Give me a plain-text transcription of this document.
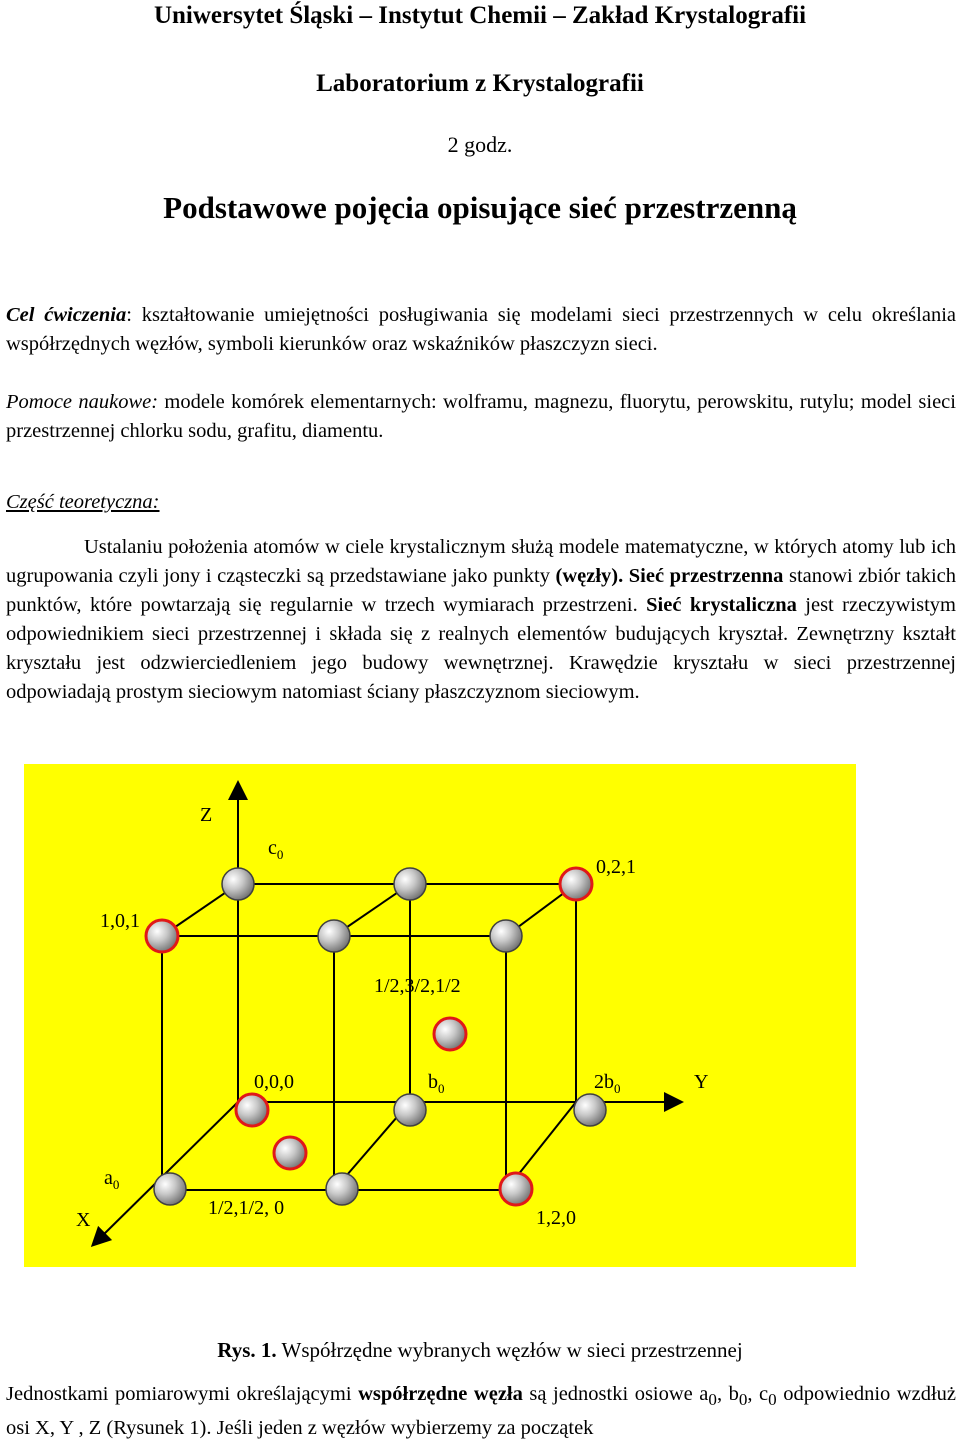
Uniwersytet Śląski – Instytut Chemii – Zakład Krystalografii
Laboratorium z Krystalografii
2 godz.
Podstawowe pojęcia opisujące sieć przestrzenną

Cel ćwiczenia: kształtowanie umiejętności posługiwania się modelami sieci przestrzennych w celu określania współrzędnych węzłów, symboli kierunków oraz wskaźników płaszczyzn sieci.

Pomoce naukowe: modele komórek elementarnych: wolframu, magnezu, fluorytu, perowskitu, rutylu; model sieci przestrzennej chlorku sodu, grafitu, diamentu.

Część teoretyczna:

Ustalaniu położenia atomów w ciele krystalicznym służą modele matematyczne, w których atomy lub ich ugrupowania czyli jony i cząsteczki są przedstawiane jako punkty (węzły). Sieć przestrzenna stanowi zbiór takich punktów, które powtarzają się regularnie w trzech wymiarach przestrzeni. Sieć krystaliczna jest rzeczywistym odpowiednikiem sieci przestrzennej i składa się z realnych elementów budujących kryształ. Zewnętrzny kształt kryształu jest odzwierciedleniem jego budowy wewnętrznej. Krawędzie kryształu w sieci przestrzennej odpowiadają prostym sieciowym natomiast ściany płaszczyznom sieciowym.

Z
$c_0$
0,2,1
1,0,1
1/2,3/2,1/2
0,0,0	$b_0$	$2b_0$	Y
$a_0$
1/2,1/2, 0
X	1,2,0
Rys. 1. Współrzędne wybranych węzłów w sieci przestrzennej

Jednostkami pomiarowymi określającymi współrzędne węzła są jednostki osiowe $a_0$, $b_0$, $c_0$ odpowiednio wzdłuż osi X, Y , Z (Rysunek 1). Jeśli jeden z węzłów wybierzemy za początek
